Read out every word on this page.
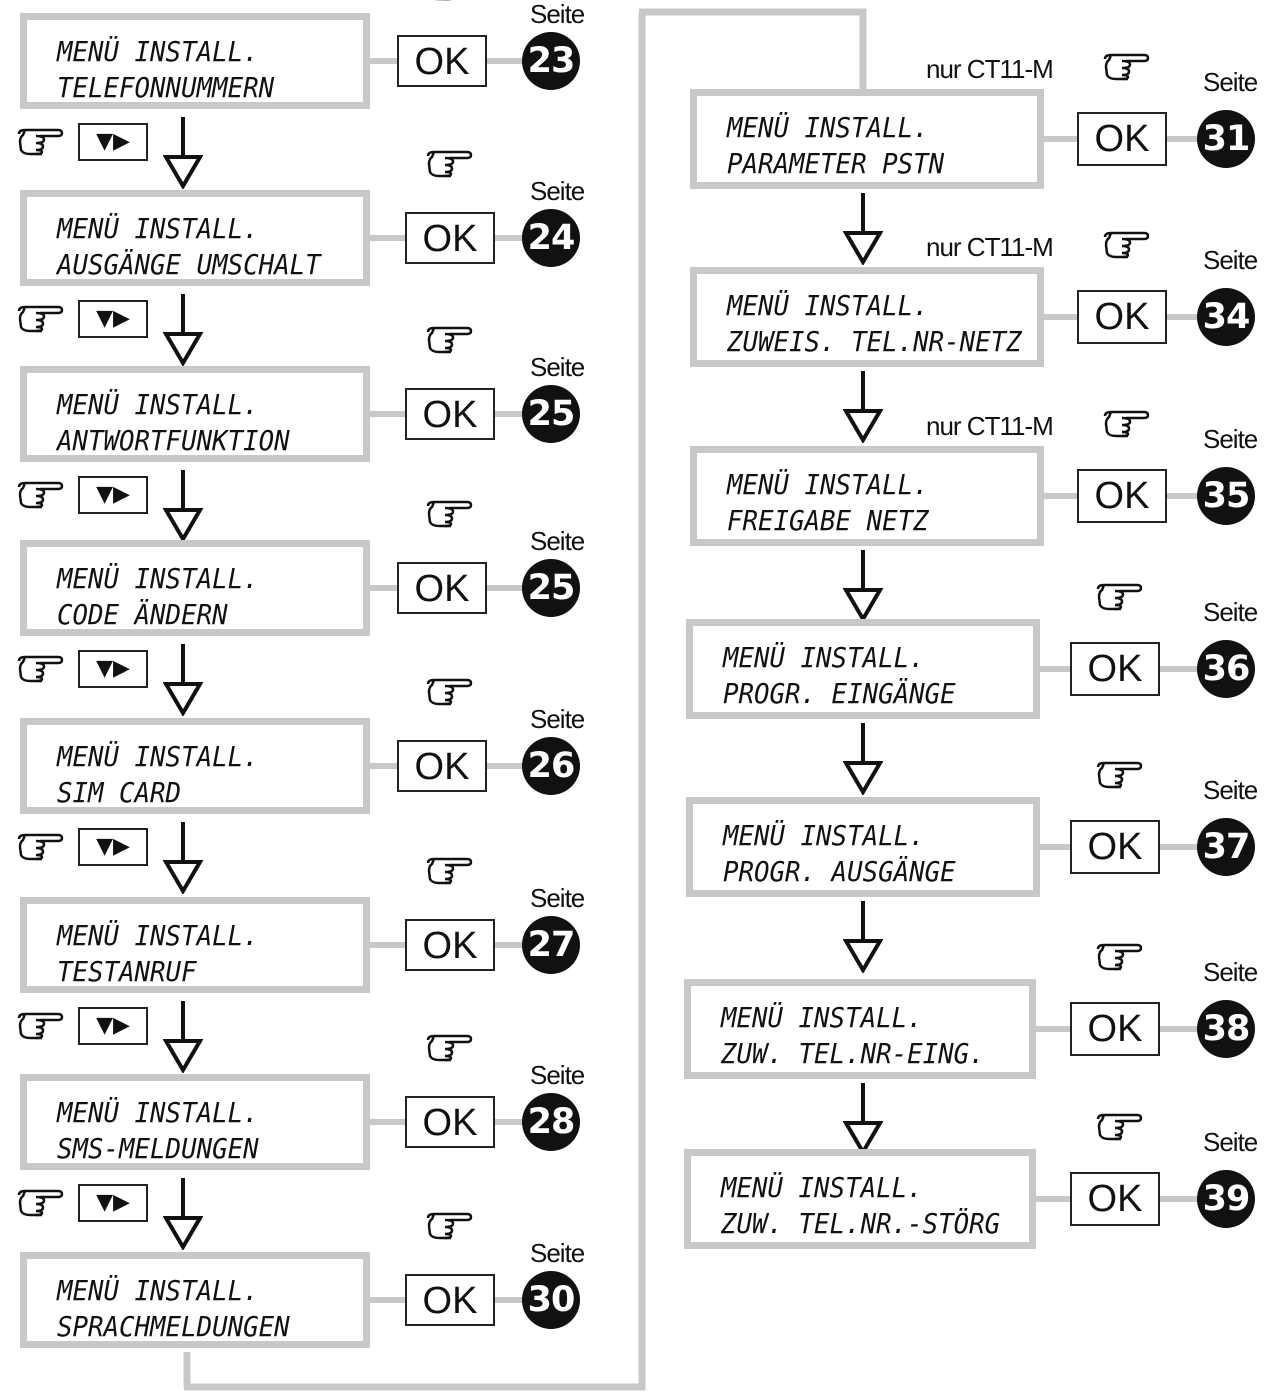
MENÜ INSTALL.
TELEFONNUMMERN
OK
Seite
23
▼▶
MENÜ INSTALL.
AUSGÄNGE UMSCHALT
OK
Seite
24
▼▶
MENÜ INSTALL.
ANTWORTFUNKTION
OK
Seite
25
▼▶
MENÜ INSTALL.
CODE ÄNDERN
OK
Seite
25
▼▶
MENÜ INSTALL.
SIM CARD
OK
Seite
26
▼▶
MENÜ INSTALL.
TESTANRUF
OK
Seite
27
▼▶
MENÜ INSTALL.
SMS-MELDUNGEN
OK
Seite
28
▼▶
MENÜ INSTALL.
SPRACHMELDUNGEN
OK
Seite
30
MENÜ INSTALL.
PARAMETER PSTN
OK
Seite
31
nur CT11-M
MENÜ INSTALL.
ZUWEIS. TEL.NR-NETZ
OK
Seite
34
nur CT11-M
MENÜ INSTALL.
FREIGABE NETZ
OK
Seite
35
nur CT11-M
MENÜ INSTALL.
PROGR. EINGÄNGE
OK
Seite
36
MENÜ INSTALL.
PROGR. AUSGÄNGE
OK
Seite
37
MENÜ INSTALL.
ZUW. TEL.NR-EING.
OK
Seite
38
MENÜ INSTALL.
ZUW. TEL.NR.-STÖRG
OK
Seite
39
